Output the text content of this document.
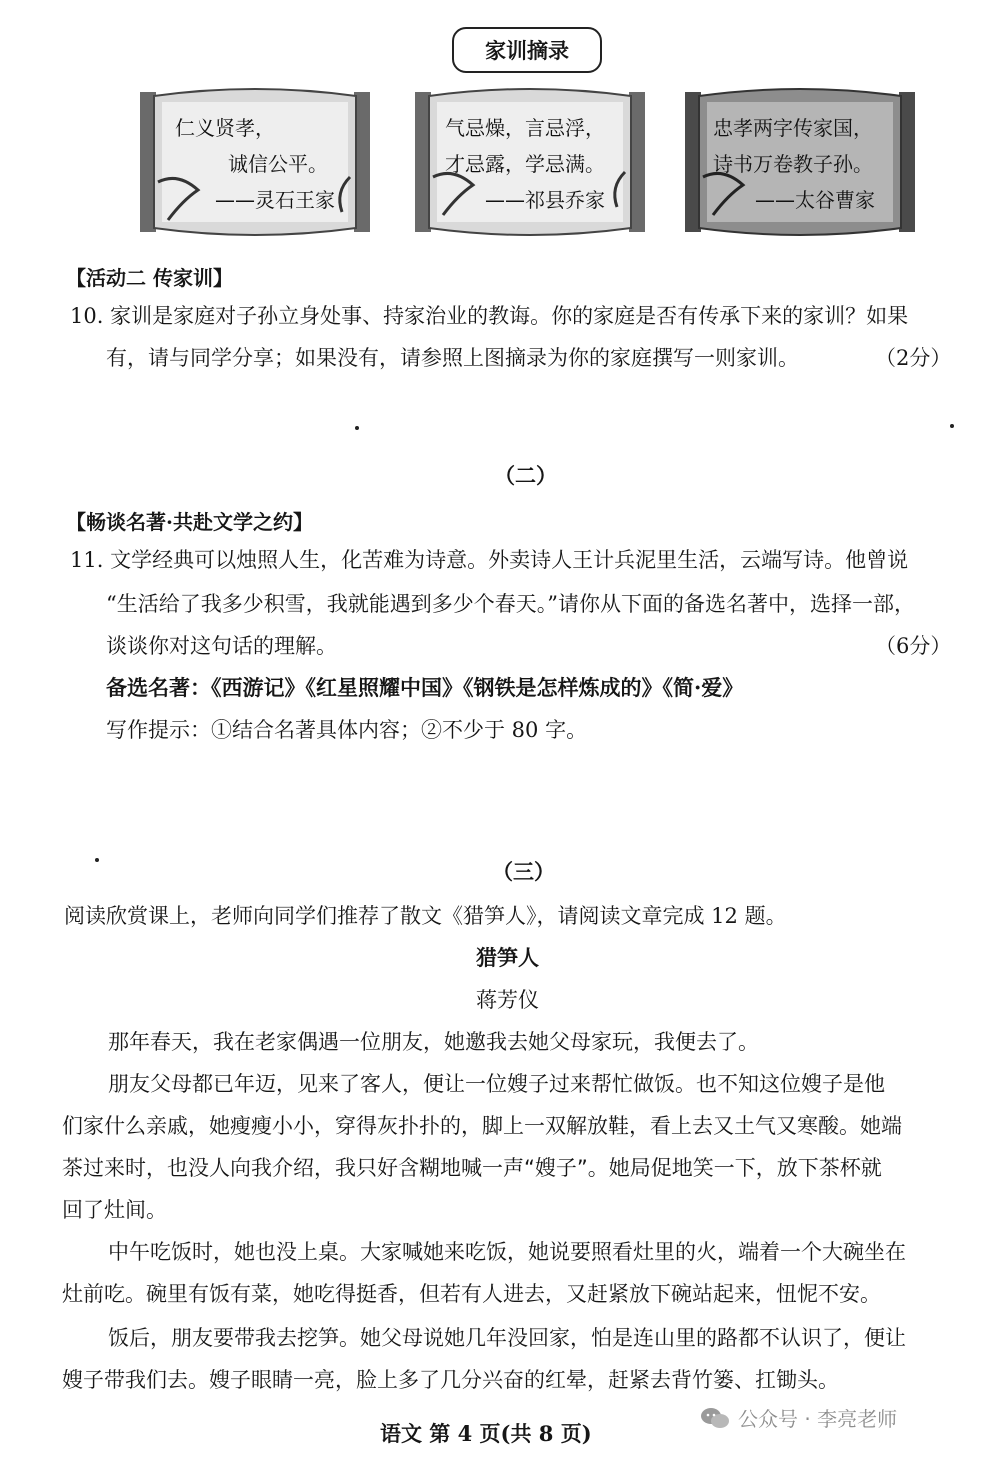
家训摘录
仁义贤孝，
诚信公平。
——灵石王家
气忌燥，言忌浮，
才忌露，学忌满。
——祁县乔家
忠孝两字传家国，
诗书万卷教子孙。
——太谷曹家
【活动二 传家训】
10. 家训是家庭对子孙立身处事、持家治业的教诲。你的家庭是否有传承下来的家训？如果
有，请与同学分享；如果没有，请参照上图摘录为你的家庭撰写一则家训。	（2分）
（二）
【畅谈名著·共赴文学之约】
11. 文学经典可以烛照人生，化苦难为诗意。外卖诗人王计兵泥里生活，云端写诗。他曾说
“生活给了我多少积雪，我就能遇到多少个春天。”请你从下面的备选名著中，选择一部，
谈谈你对这句话的理解。	（6分）
备选名著：《西游记》《红星照耀中国》《钢铁是怎样炼成的》《简·爱》
写作提示：①结合名著具体内容；②不少于 80 字。
（三）
阅读欣赏课上，老师向同学们推荐了散文《猎笋人》，请阅读文章完成 12 题。
猎笋人
蒋芳仪
那年春天，我在老家偶遇一位朋友，她邀我去她父母家玩，我便去了。
朋友父母都已年迈，见来了客人，便让一位嫂子过来帮忙做饭。也不知这位嫂子是他
们家什么亲戚，她瘦瘦小小，穿得灰扑扑的，脚上一双解放鞋，看上去又土气又寒酸。她端
茶过来时，也没人向我介绍，我只好含糊地喊一声“嫂子”。她局促地笑一下，放下茶杯就
回了灶间。
中午吃饭时，她也没上桌。大家喊她来吃饭，她说要照看灶里的火，端着一个大碗坐在
灶前吃。碗里有饭有菜，她吃得挺香，但若有人进去，又赶紧放下碗站起来，忸怩不安。
饭后，朋友要带我去挖笋。她父母说她几年没回家，怕是连山里的路都不认识了，便让
嫂子带我们去。嫂子眼睛一亮，脸上多了几分兴奋的红晕，赶紧去背竹篓、扛锄头。
语文 第 4 页(共 8 页)
公众号 · 李亮老师
